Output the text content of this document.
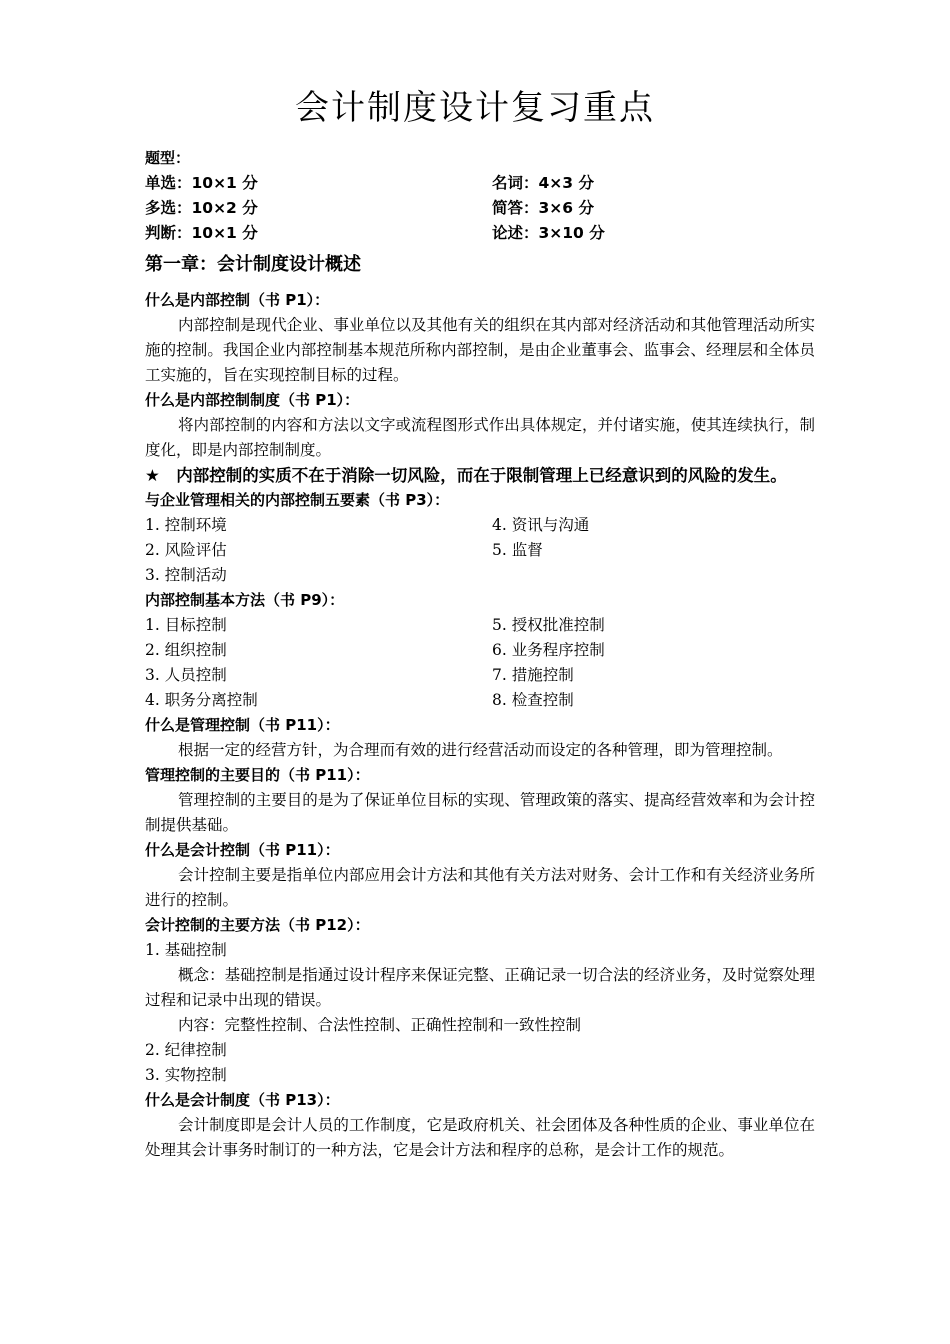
会计制度设计复习重点
题型：
单选：10×1 分	名词：4×3 分
多选：10×2 分	简答：3×6 分
判断：10×1 分	论述：3×10 分
第一章：会计制度设计概述
什么是内部控制（书 P1）：
内部控制是现代企业、事业单位以及其他有关的组织在其内部对经济活动和其他管理活动所实施的控制。我国企业内部控制基本规范所称内部控制，是由企业董事会、监事会、经理层和全体员工实施的，旨在实现控制目标的过程。
什么是内部控制制度（书 P1）：
将内部控制的内容和方法以文字或流程图形式作出具体规定，并付诸实施，使其连续执行，制度化，即是内部控制制度。
★　内部控制的实质不在于消除一切风险，而在于限制管理上已经意识到的风险的发生。
与企业管理相关的内部控制五要素（书 P3）：
1. 控制环境	4. 资讯与沟通
2. 风险评估	5. 监督
3. 控制活动
内部控制基本方法（书 P9）：
1. 目标控制	5. 授权批准控制
2. 组织控制	6. 业务程序控制
3. 人员控制	7. 措施控制
4. 职务分离控制	8. 检查控制
什么是管理控制（书 P11）：
根据一定的经营方针，为合理而有效的进行经营活动而设定的各种管理，即为管理控制。
管理控制的主要目的（书 P11）：
管理控制的主要目的是为了保证单位目标的实现、管理政策的落实、提高经营效率和为会计控制提供基础。
什么是会计控制（书 P11）：
会计控制主要是指单位内部应用会计方法和其他有关方法对财务、会计工作和有关经济业务所进行的控制。
会计控制的主要方法（书 P12）：
1. 基础控制
概念：基础控制是指通过设计程序来保证完整、正确记录一切合法的经济业务，及时觉察处理过程和记录中出现的错误。
内容：完整性控制、合法性控制、正确性控制和一致性控制
2. 纪律控制
3. 实物控制
什么是会计制度（书 P13）：
会计制度即是会计人员的工作制度，它是政府机关、社会团体及各种性质的企业、事业单位在处理其会计事务时制订的一种方法，它是会计方法和程序的总称，是会计工作的规范。
